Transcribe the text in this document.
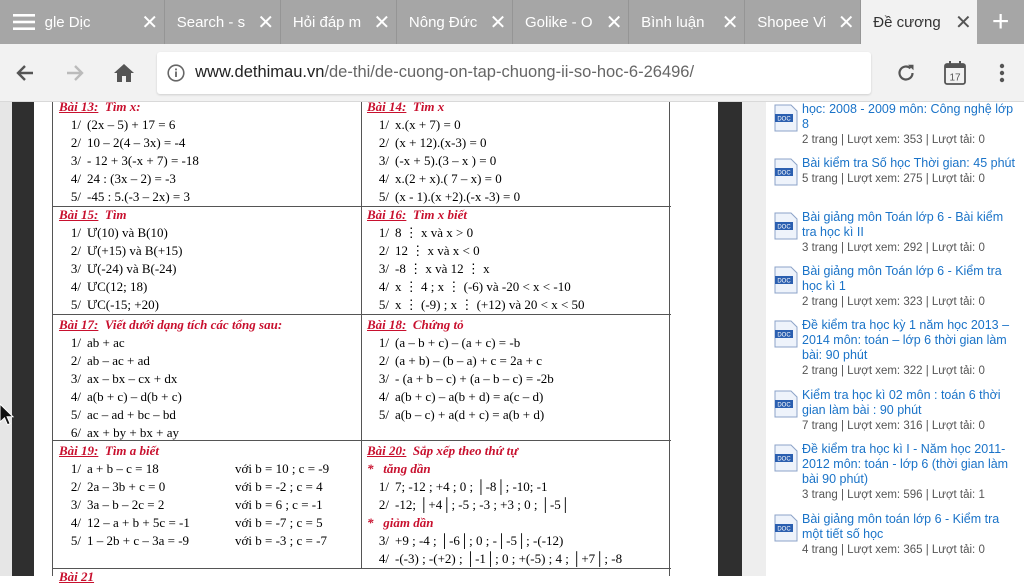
gle Dịc	✕	Search - s ✕	Hỏi đáp m ✕	Nông Đức ✕	Golike - O ✕	Bình luận ✕	Shopee Vi ✕	Đề cương ✕ +
www.dethimau.vn/de-thi/de-cuong-on-tap-chuong-ii-so-hoc-6-26496/	17
Bài 13: Tìm x:
1/ (2x – 5) + 17 = 6
2/ 10 – 2(4 – 3x) = -4
3/ - 12 + 3(-x + 7) = -18
4/ 24 : (3x – 2) = -3
5/ -45 : 5.(-3 – 2x) = 3
Bài 14: Tìm x
1/ x.(x + 7) = 0
2/ (x + 12).(x-3) = 0
3/ (-x + 5).(3 – x ) = 0
4/ x.(2 + x).( 7 – x) = 0
5/ (x - 1).(x +2).(-x -3) = 0
Bài 15: Tìm
1/ Ư(10) và B(10)
2/ Ư(+15) và B(+15)
3/ Ư(-24) và B(-24)
4/ ƯC(12; 18)
5/ ƯC(-15; +20)
Bài 16: Tìm x biết
1/ 8 ⋮ x và x > 0
2/ 12 ⋮ x và x < 0
3/ -8 ⋮ x và 12 ⋮ x
4/ x ⋮ 4 ; x ⋮ (-6) và -20 < x < -10
5/ x ⋮ (-9) ; x ⋮ (+12) và 20 < x < 50
Bài 17: Viết dưới dạng tích các tổng sau:
1/ ab + ac
2/ ab – ac + ad
3/ ax – bx – cx + dx
4/ a(b + c) – d(b + c)
5/ ac – ad + bc – bd
6/ ax + by + bx + ay
Bài 18: Chứng tỏ
1/ (a – b + c) – (a + c) = -b
2/ (a + b) – (b – a) + c = 2a + c
3/ - (a + b – c) + (a – b – c) = -2b
4/ a(b + c) – a(b + d) = a(c – d)
5/ a(b – c) + a(d + c) = a(b + d)
Bài 19: Tìm a biết
1/ a + b – c = 18	với b = 10 ; c = -9
2/ 2a – 3b + c = 0	với b = -2 ; c = 4
3/ 3a – b – 2c = 2	với b = 6 ; c = -1
4/ 12 – a + b + 5c = -1	với b = -7 ; c = 5
5/ 1 – 2b + c – 3a = -9	với b = -3 ; c = -7
Bài 20: Sắp xếp theo thứ tự
* tăng dần
1/ 7; -12 ; +4 ; 0 ; │-8│; -10; -1
2/ -12; │+4│; -5 ; -3 ; +3 ; 0 ; │-5│
* giảm dần
3/ +9 ; -4 ; │-6│; 0 ; -│-5│; -(-12)
4/ -(-3) ; -(+2) ; │-1│; 0 ; +(-5) ; 4 ; │+7│; -8
Bài 21
DOC
học: 2008 - 2009 môn: Công nghệ lớp 8
2 trang | Lượt xem: 353 | Lượt tải: 0
DOC
Bài kiểm tra Số học Thời gian: 45 phút
5 trang | Lượt xem: 275 | Lượt tải: 0
DOC
Bài giảng môn Toán lớp 6 - Bài kiểm tra học kì II
3 trang | Lượt xem: 292 | Lượt tải: 0
DOC
Bài giảng môn Toán lớp 6 - Kiểm tra học kì 1
2 trang | Lượt xem: 323 | Lượt tải: 0
DOC
Đề kiểm tra học kỳ 1 năm học 2013 – 2014 môn: toán – lớp 6 thời gian làm bài: 90 phút
2 trang | Lượt xem: 322 | Lượt tải: 0
DOC
Kiểm tra học kì 02 môn : toán 6 thời gian làm bài : 90 phút
7 trang | Lượt xem: 316 | Lượt tải: 0
DOC
Đề kiểm tra học kì I - Năm học 2011-2012 môn: toán - lớp 6 (thời gian làm bài 90 phút)
3 trang | Lượt xem: 596 | Lượt tải: 1
DOC
Bài giảng môn toán lớp 6 - Kiểm tra một tiết số học
4 trang | Lượt xem: 365 | Lượt tải: 0
